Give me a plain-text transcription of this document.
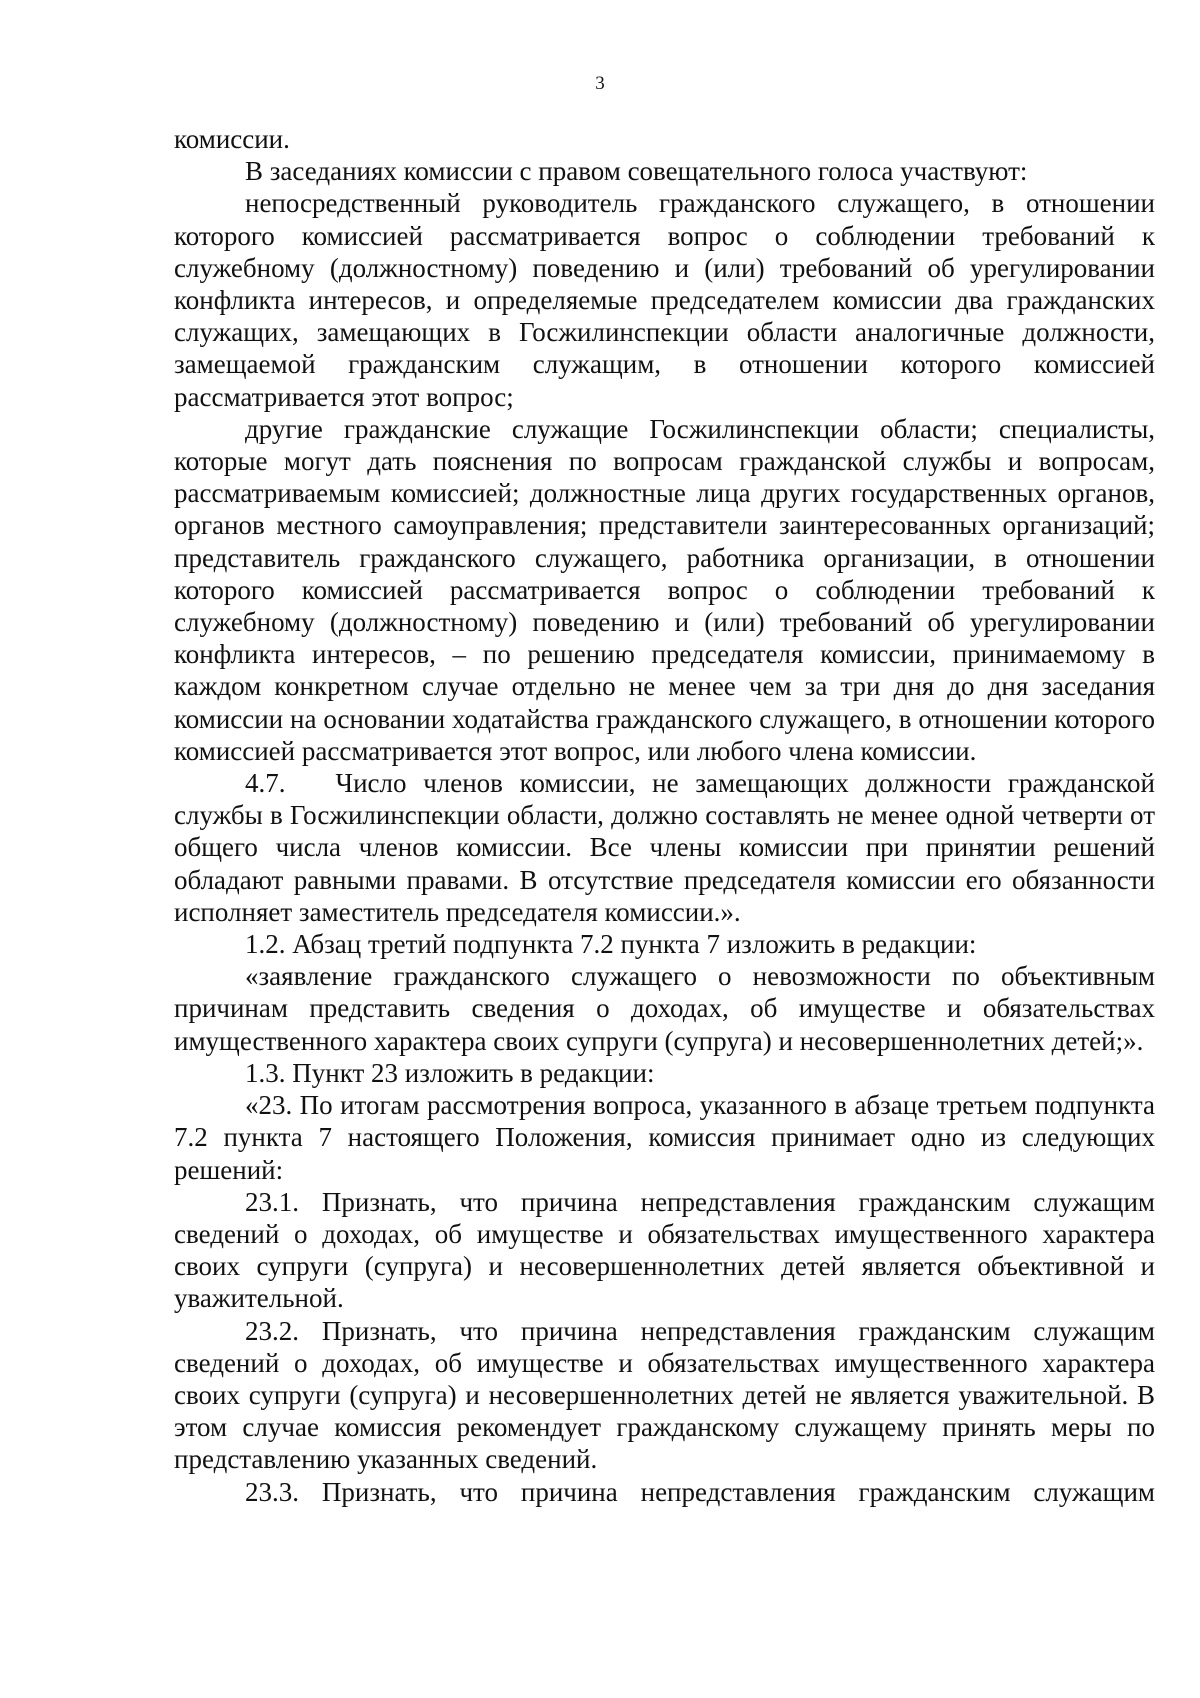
3

комиссии.

В заседаниях комиссии с правом совещательного голоса участвуют:

непосредственный руководитель гражданского служащего, в отношении которого комиссией рассматривается вопрос о соблюдении требований к служебному (должностному) поведению и (или) требований об урегулировании конфликта интересов, и определяемые председателем комиссии два гражданских служащих, замещающих в Госжилинспекции области аналогичные должности, замещаемой гражданским служащим, в отношении которого комиссией рассматривается этот вопрос;

другие гражданские служащие Госжилинспекции области; специалисты, которые могут дать пояснения по вопросам гражданской службы и вопросам, рассматриваемым комиссией; должностные лица других государственных органов, органов местного самоуправления; представители заинтересованных организаций; представитель гражданского служащего, работника организации, в отношении которого комиссией рассматривается вопрос о соблюдении требований к служебному (должностному) поведению и (или) требований об урегулировании конфликта интересов, – по решению председателя комиссии, принимаемому в каждом конкретном случае отдельно не менее чем за три дня до дня заседания комиссии на основании ходатайства гражданского служащего, в отношении которого комиссией рассматривается этот вопрос, или любого члена комиссии.

4.7.   Число членов комиссии, не замещающих должности гражданской службы в Госжилинспекции области, должно составлять не менее одной четверти от общего числа членов комиссии. Все члены комиссии при принятии решений обладают равными правами. В отсутствие председателя комиссии его обязанности исполняет заместитель председателя комиссии.».

1.2. Абзац третий подпункта 7.2 пункта 7 изложить в редакции:

«заявление гражданского служащего о невозможности по объективным причинам представить сведения о доходах, об имуществе и обязательствах имущественного характера своих супруги (супруга) и несовершеннолетних детей;».

1.3. Пункт 23 изложить в редакции:

«23. По итогам рассмотрения вопроса, указанного в абзаце третьем подпункта 7.2 пункта 7 настоящего Положения, комиссия принимает одно из следующих решений:

23.1. Признать, что причина непредставления гражданским служащим сведений о доходах, об имуществе и обязательствах имущественного характера своих супруги (супруга) и несовершеннолетних детей является объективной и уважительной.

23.2. Признать, что причина непредставления гражданским служащим сведений о доходах, об имуществе и обязательствах имущественного характера своих супруги (супруга) и несовершеннолетних детей не является уважительной. В этом случае комиссия рекомендует гражданскому служащему принять меры по представлению указанных сведений.

23.3. Признать, что причина непредставления гражданским служащим
